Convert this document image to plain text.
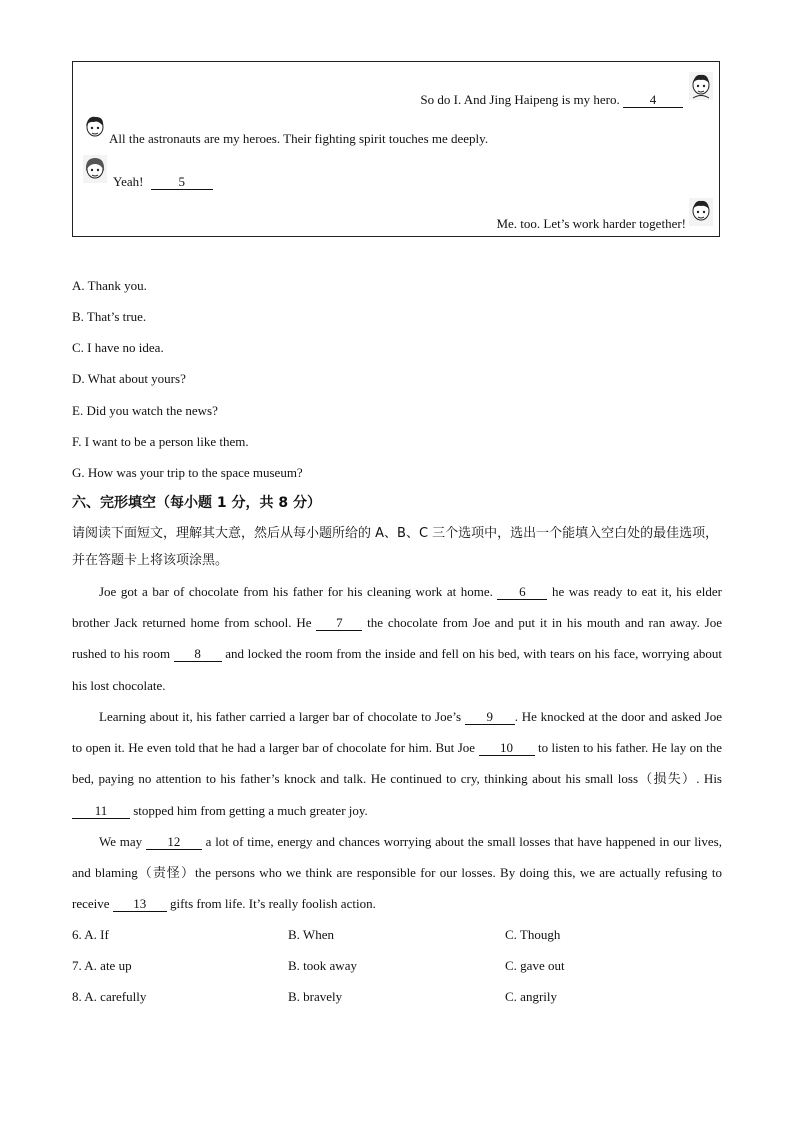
So do I. And Jing Haipeng is my hero. 4
All the astronauts are my heroes. Their fighting spirit touches me deeply.
Yeah!	5
Me. too. Let’s work harder together!
A. Thank you.
B. That’s true.
C. I have no idea.
D. What about yours?
E. Did you watch the news?
F. I want to be a person like them.
G. How was your trip to the space museum?
六、完形填空（每小题 1 分，共 8 分）
请阅读下面短文，理解其大意，然后从每小题所给的 A、B、C 三个选项中，选出一个能填入空白处的最佳选项，并在答题卡上将该项涂黑。
Joe got a bar of chocolate from his father for his cleaning work at home. 6 he was ready to eat it, his elder brother Jack returned home from school. He 7 the chocolate from Joe and put it in his mouth and ran away. Joe rushed to his room 8 and locked the room from the inside and fell on his bed, with tears on his face, worrying about his lost chocolate.
Learning about it, his father carried a larger bar of chocolate to Joe’s 9 . He knocked at the door and asked Joe to open it. He even told that he had a larger bar of chocolate for him. But Joe 10 to listen to his father. He lay on the bed, paying no attention to his father’s knock and talk. He continued to cry, thinking about his small loss（损失）. His 11 stopped him from getting a much greater joy.
We may 12 a lot of time, energy and chances worrying about the small losses that have happened in our lives, and blaming（责怪）the persons who we think are responsible for our losses. By doing this, we are actually refusing to receive 13 gifts from life. It’s really foolish action.
6. A. If	B. When	C. Though
7. A. ate up	B. took away	C. gave out
8. A. carefully	B. bravely	C. angrily
